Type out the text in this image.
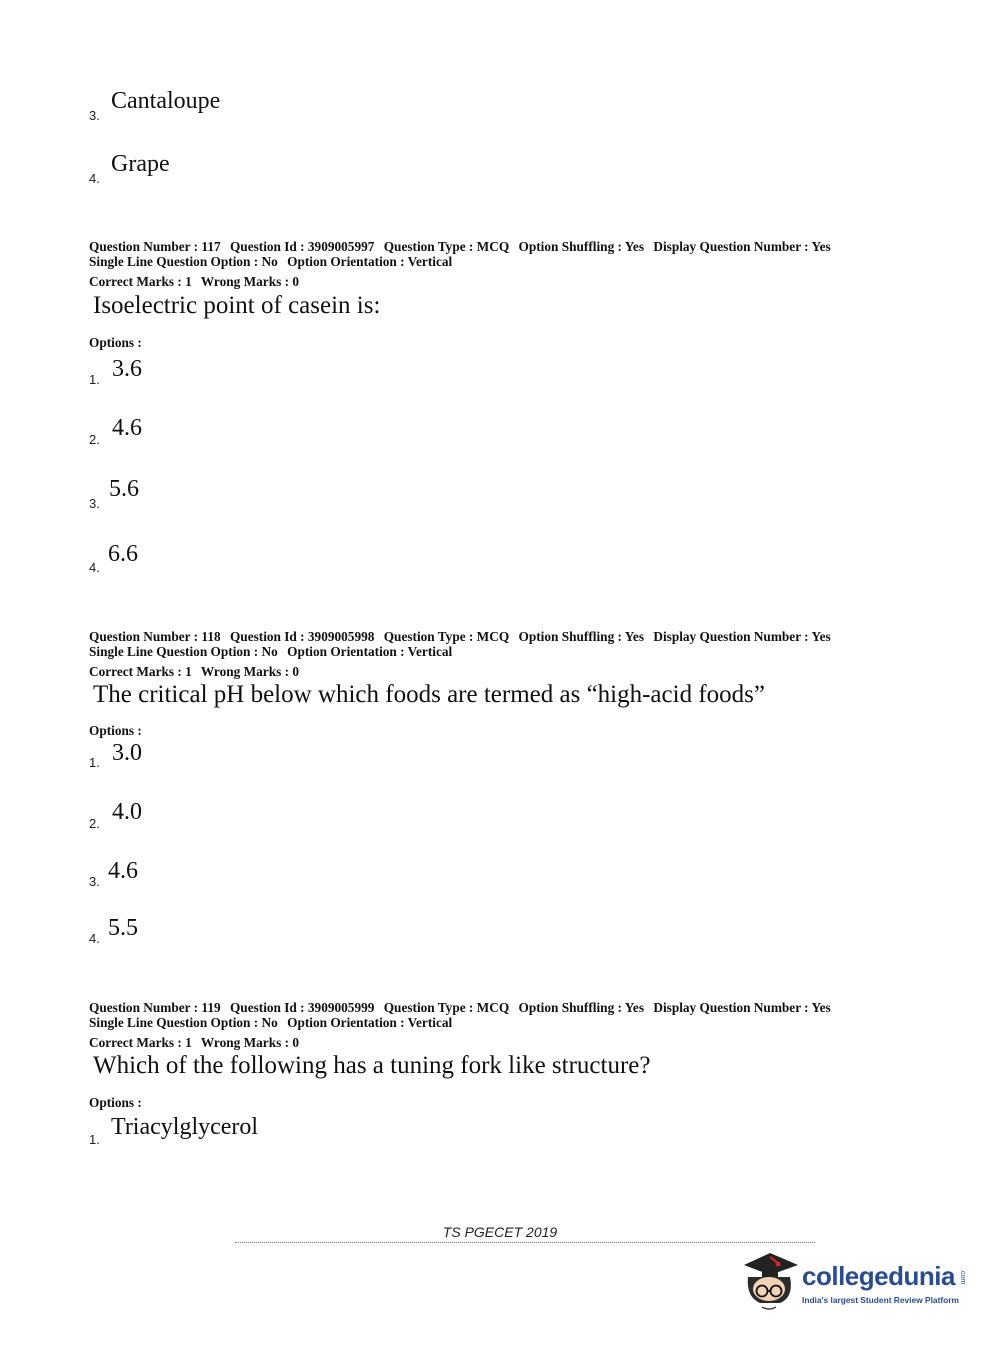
3.
Cantaloupe
4.
Grape
Question Number : 117 Question Id : 3909005997 Question Type : MCQ Option Shuffling : Yes Display Question Number : Yes
Single Line Question Option : No Option Orientation : Vertical
Correct Marks : 1 Wrong Marks : 0
Isoelectric point of casein is:
Options :
1. 3.6
2. 4.6
3.
5.6
4.
6.6
Question Number : 118 Question Id : 3909005998 Question Type : MCQ Option Shuffling : Yes Display Question Number : Yes
Single Line Question Option : No Option Orientation : Vertical
Correct Marks : 1 Wrong Marks : 0
The critical pH below which foods are termed as “high-acid foods”
Options :
1. 3.0
2. 4.0
3. 4.6
4. 5.5
Question Number : 119 Question Id : 3909005999 Question Type : MCQ Option Shuffling : Yes Display Question Number : Yes
Single Line Question Option : No Option Orientation : Vertical
Correct Marks : 1 Wrong Marks : 0
Which of the following has a tuning fork like structure?
Options :
1. Triacylglycerol
TS PGECET 2019
collegedunia .com
India's largest Student Review Platform
